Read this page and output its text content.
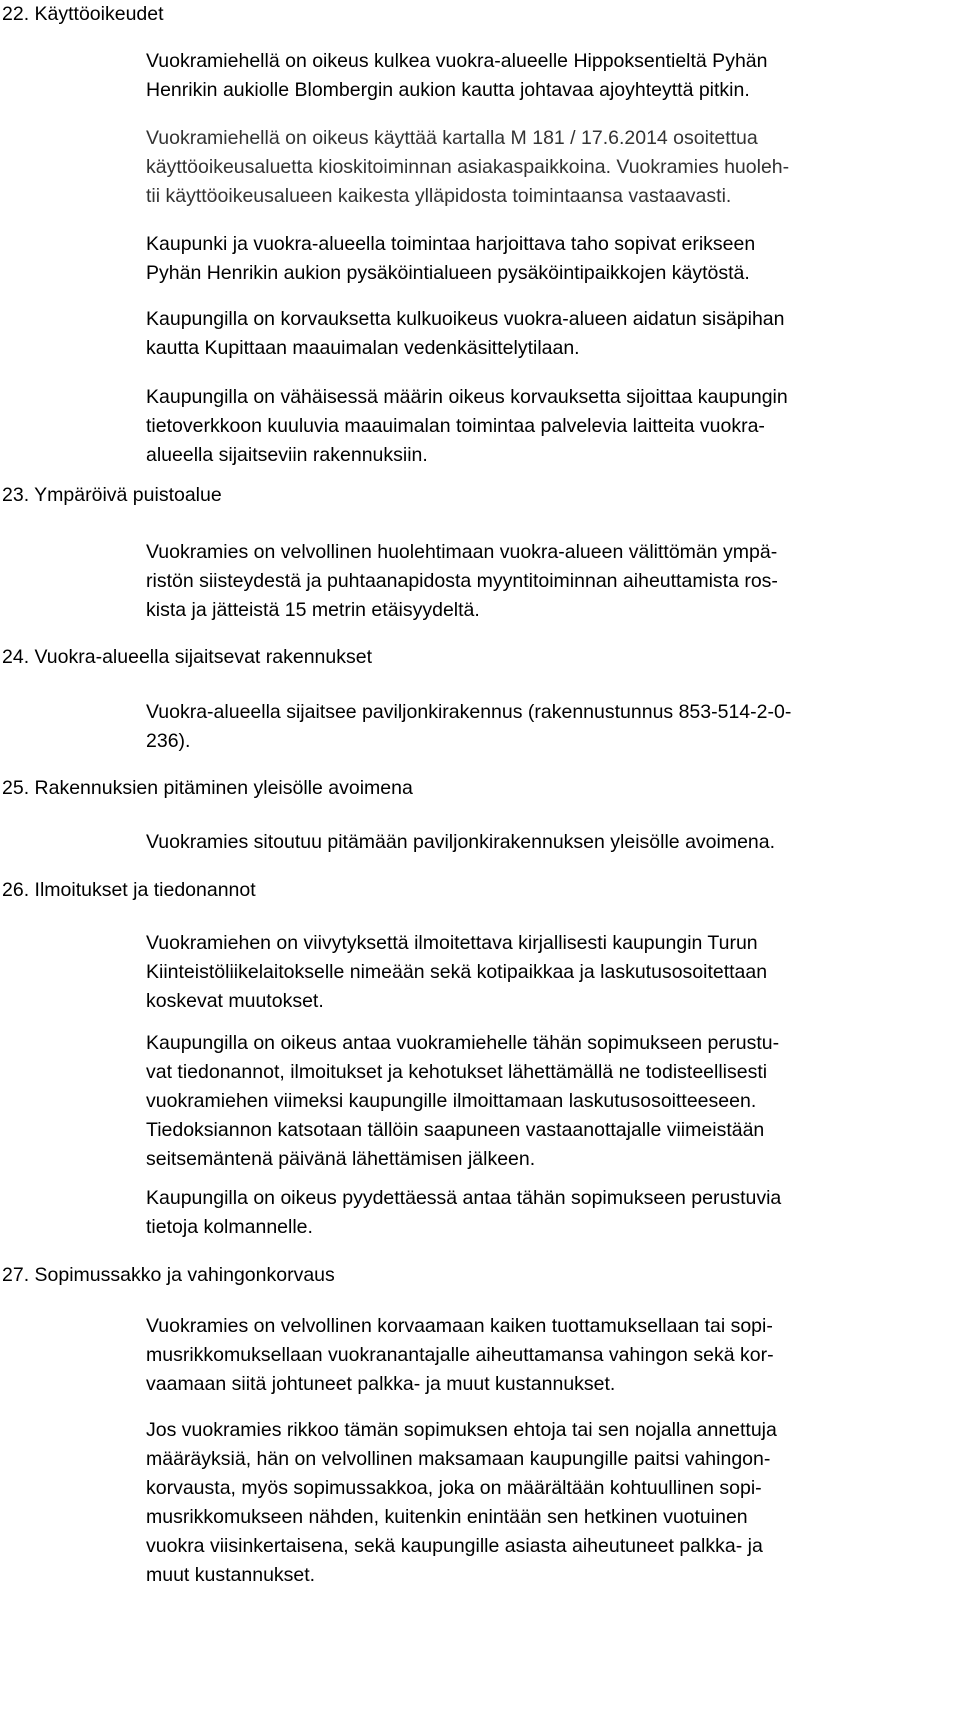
22. Käyttöoikeudet
Vuokramiehellä on oikeus kulkea vuokra-alueelle Hippoksentieltä Pyhän
Henrikin aukiolle Blombergin aukion kautta johtavaa ajoyhteyttä pitkin.
Vuokramiehellä on oikeus käyttää kartalla M 181 / 17.6.2014 osoitettua
käyttöoikeusaluetta kioskitoiminnan asiakaspaikkoina. Vuokramies huoleh-
tii käyttöoikeusalueen kaikesta ylläpidosta toimintaansa vastaavasti.
Kaupunki ja vuokra-alueella toimintaa harjoittava taho sopivat erikseen
Pyhän Henrikin aukion pysäköintialueen pysäköintipaikkojen käytöstä.
Kaupungilla on korvauksetta kulkuoikeus vuokra-alueen aidatun sisäpihan
kautta Kupittaan maauimalan vedenkäsittelytilaan.
Kaupungilla on vähäisessä määrin oikeus korvauksetta sijoittaa kaupungin
tietoverkkoon kuuluvia maauimalan toimintaa palvelevia laitteita vuokra-
alueella sijaitseviin rakennuksiin.
23. Ympäröivä puistoalue
Vuokramies on velvollinen huolehtimaan vuokra-alueen välittömän ympä-
ristön siisteydestä ja puhtaanapidosta myyntitoiminnan aiheuttamista ros-
kista ja jätteistä 15 metrin etäisyydeltä.
24. Vuokra-alueella sijaitsevat rakennukset
Vuokra-alueella sijaitsee paviljonkirakennus (rakennustunnus 853-514-2-0-
236).
25. Rakennuksien pitäminen yleisölle avoimena
Vuokramies sitoutuu pitämään paviljonkirakennuksen yleisölle avoimena.
26. Ilmoitukset ja tiedonannot
Vuokramiehen on viivytyksettä ilmoitettava kirjallisesti kaupungin Turun
Kiinteistöliikelaitokselle nimeään sekä kotipaikkaa ja laskutusosoitettaan
koskevat muutokset.
Kaupungilla on oikeus antaa vuokramiehelle tähän sopimukseen perustu-
vat tiedonannot, ilmoitukset ja kehotukset lähettämällä ne todisteellisesti
vuokramiehen viimeksi kaupungille ilmoittamaan laskutusosoitteeseen.
Tiedoksiannon katsotaan tällöin saapuneen vastaanottajalle viimeistään
seitsemäntenä päivänä lähettämisen jälkeen.
Kaupungilla on oikeus pyydettäessä antaa tähän sopimukseen perustuvia
tietoja kolmannelle.
27. Sopimussakko ja vahingonkorvaus
Vuokramies on velvollinen korvaamaan kaiken tuottamuksellaan tai sopi-
musrikkomuksellaan vuokranantajalle aiheuttamansa vahingon sekä kor-
vaamaan siitä johtuneet palkka- ja muut kustannukset.
Jos vuokramies rikkoo tämän sopimuksen ehtoja tai sen nojalla annettuja
määräyksiä, hän on velvollinen maksamaan kaupungille paitsi vahingon-
korvausta, myös sopimussakkoa, joka on määrältään kohtuullinen sopi-
musrikkomukseen nähden, kuitenkin enintään sen hetkinen vuotuinen
vuokra viisinkertaisena, sekä kaupungille asiasta aiheutuneet palkka- ja
muut kustannukset.
